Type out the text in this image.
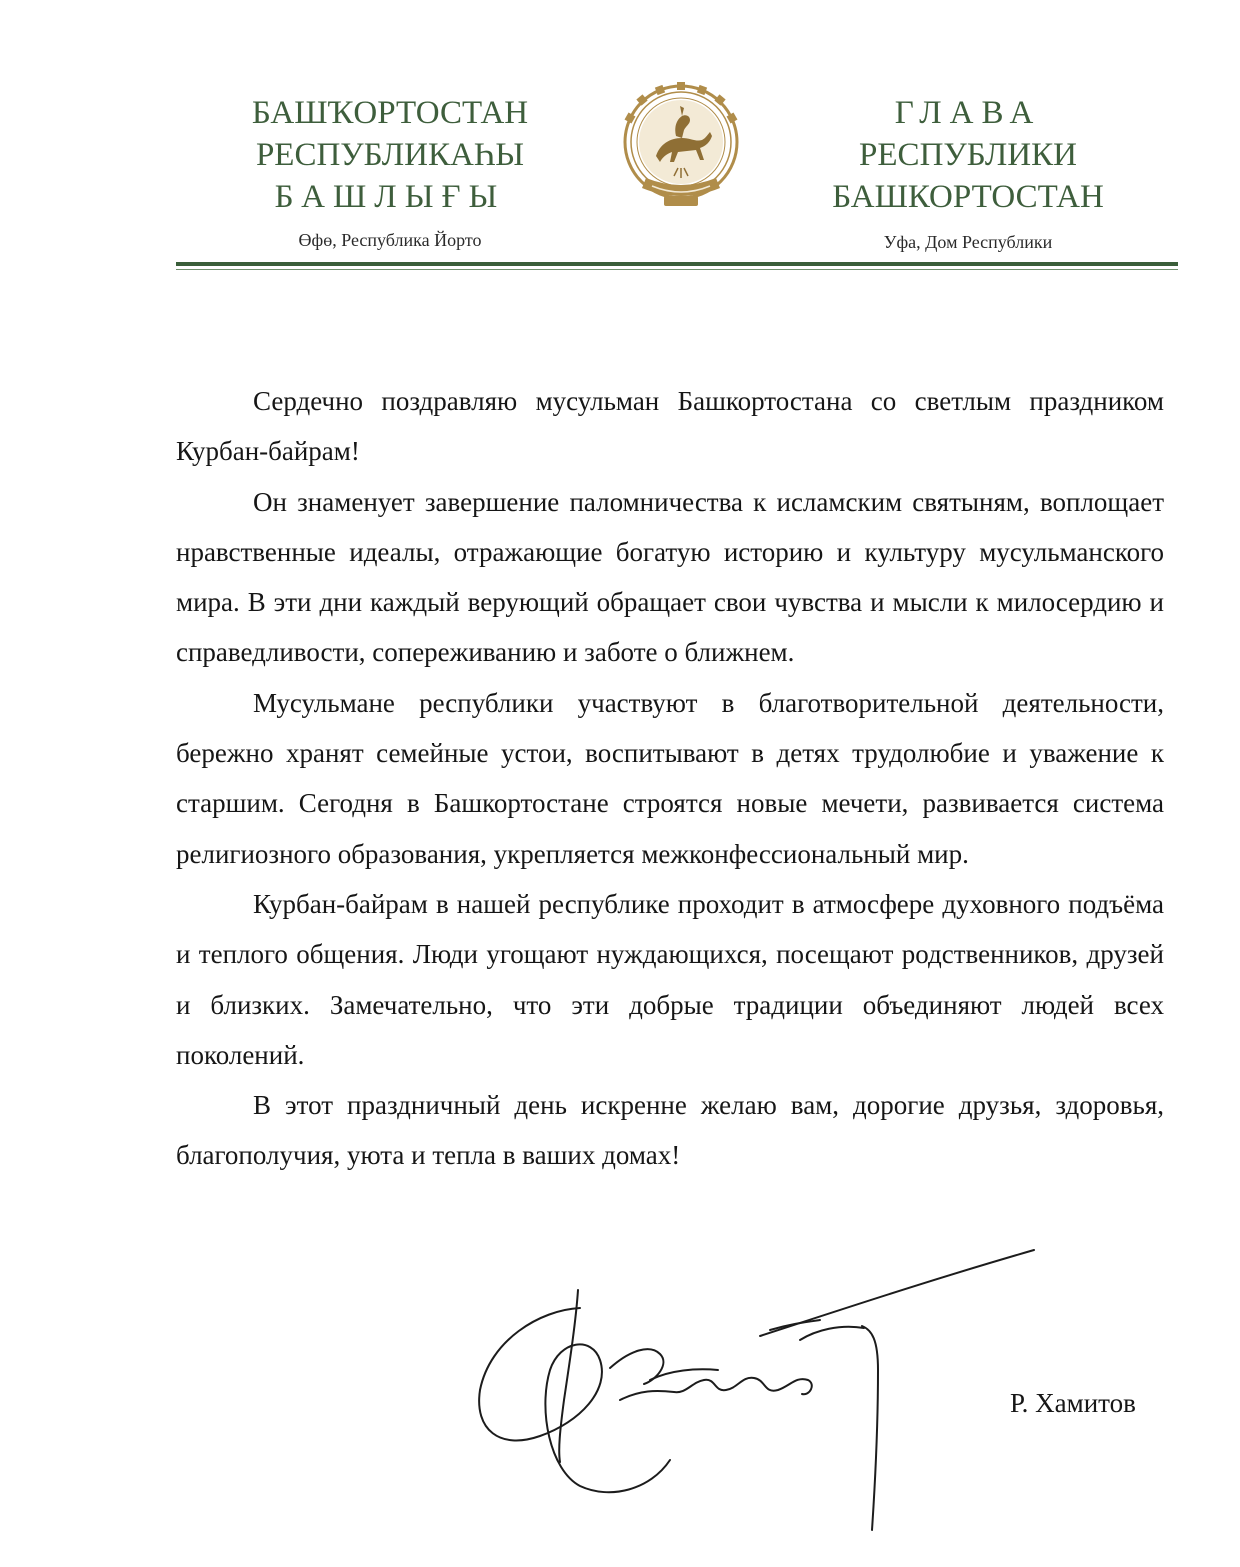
БАШҠОРТОСТАН
РЕСПУБЛИКАҺЫ
БАШЛЫҒЫ
Өфө, Республика Йорто
ГЛАВА
РЕСПУБЛИКИ
БАШКОРТОСТАН
Уфа, Дом Республики

Сердечно поздравляю мусульман Башкортостана со светлым праздником Курбан-байрам!

Он знаменует завершение паломничества к исламским святыням, воплощает нравственные идеалы, отражающие богатую историю и культуру мусульманского мира. В эти дни каждый верующий обращает свои чувства и мысли к милосердию и справедливости, сопереживанию и заботе о ближнем.

Мусульмане республики участвуют в благотворительной деятельности, бережно хранят семейные устои, воспитывают в детях трудолюбие и уважение к старшим. Сегодня в Башкортостане строятся новые мечети, развивается система религиозного образования, укрепляется межконфессиональный мир.

Курбан-байрам в нашей республике проходит в атмосфере духовного подъёма и теплого общения. Люди угощают нуждающихся, посещают родственников, друзей и близких. Замечательно, что эти добрые традиции объединяют людей всех поколений.

В этот праздничный день искренне желаю вам, дорогие друзья, здоровья, благополучия, уюта и тепла в ваших домах!

Р. Хамитов
